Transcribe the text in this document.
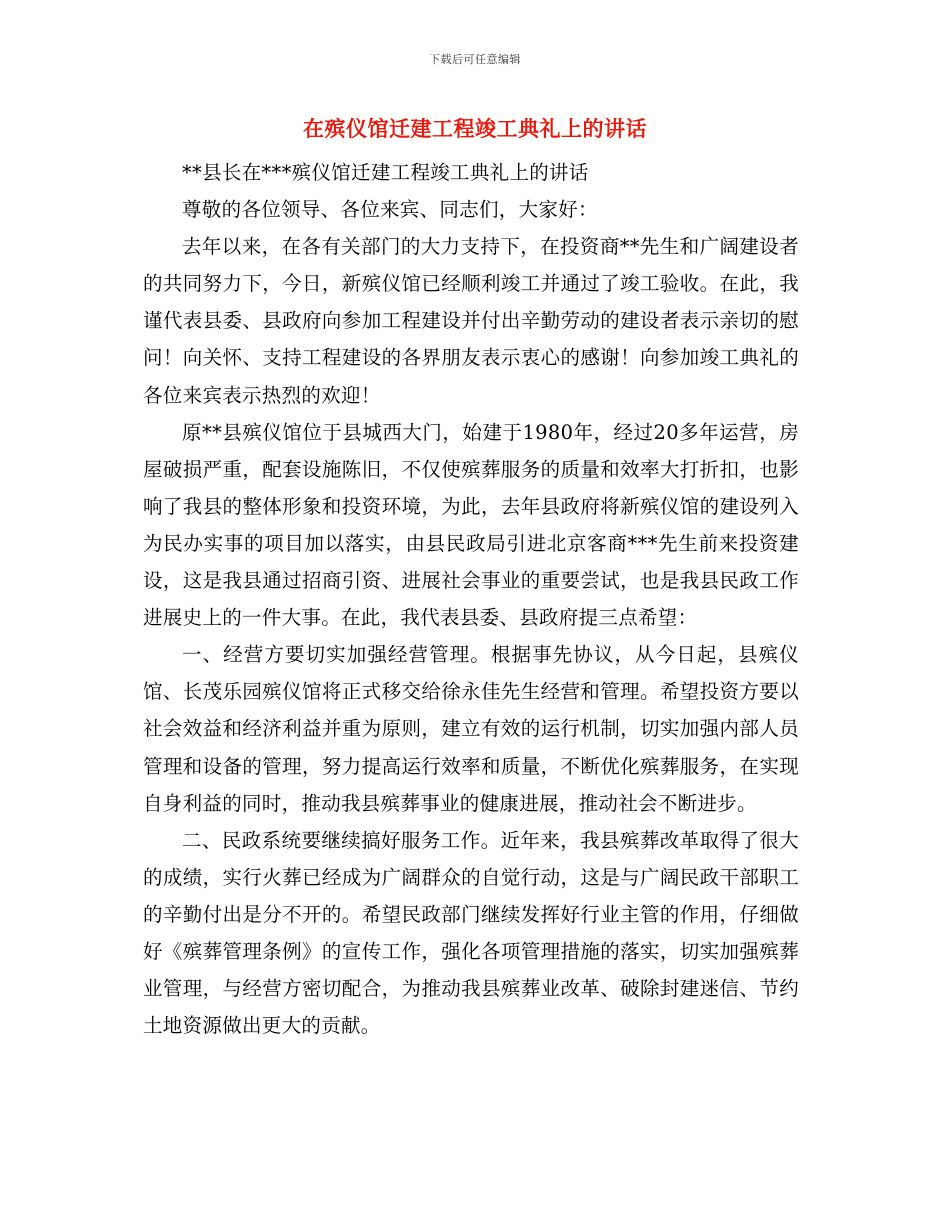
下载后可任意编辑
在殡仪馆迁建工程竣工典礼上的讲话

**县长在***殡仪馆迁建工程竣工典礼上的讲话

尊敬的各位领导、各位来宾、同志们，大家好：

去年以来，在各有关部门的大力支持下，在投资商**先生和广阔建设者的共同努力下，今日，新殡仪馆已经顺利竣工并通过了竣工验收。在此，我谨代表县委、县政府向参加工程建设并付出辛勤劳动的建设者表示亲切的慰问！向关怀、支持工程建设的各界朋友表示衷心的感谢！向参加竣工典礼的各位来宾表示热烈的欢迎！

原**县殡仪馆位于县城西大门，始建于1980年，经过20多年运营，房屋破损严重，配套设施陈旧，不仅使殡葬服务的质量和效率大打折扣，也影响了我县的整体形象和投资环境，为此，去年县政府将新殡仪馆的建设列入为民办实事的项目加以落实，由县民政局引进北京客商***先生前来投资建设，这是我县通过招商引资、进展社会事业的重要尝试，也是我县民政工作进展史上的一件大事。在此，我代表县委、县政府提三点希望：

一、经营方要切实加强经营管理。根据事先协议，从今日起，县殡仪馆、长茂乐园殡仪馆将正式移交给徐永佳先生经营和管理。希望投资方要以社会效益和经济利益并重为原则，建立有效的运行机制，切实加强内部人员管理和设备的管理，努力提高运行效率和质量，不断优化殡葬服务，在实现自身利益的同时，推动我县殡葬事业的健康进展，推动社会不断进步。

二、民政系统要继续搞好服务工作。近年来，我县殡葬改革取得了很大的成绩，实行火葬已经成为广阔群众的自觉行动，这是与广阔民政干部职工的辛勤付出是分不开的。希望民政部门继续发挥好行业主管的作用，仔细做好《殡葬管理条例》的宣传工作，强化各项管理措施的落实，切实加强殡葬业管理，与经营方密切配合，为推动我县殡葬业改革、破除封建迷信、节约土地资源做出更大的贡献。
